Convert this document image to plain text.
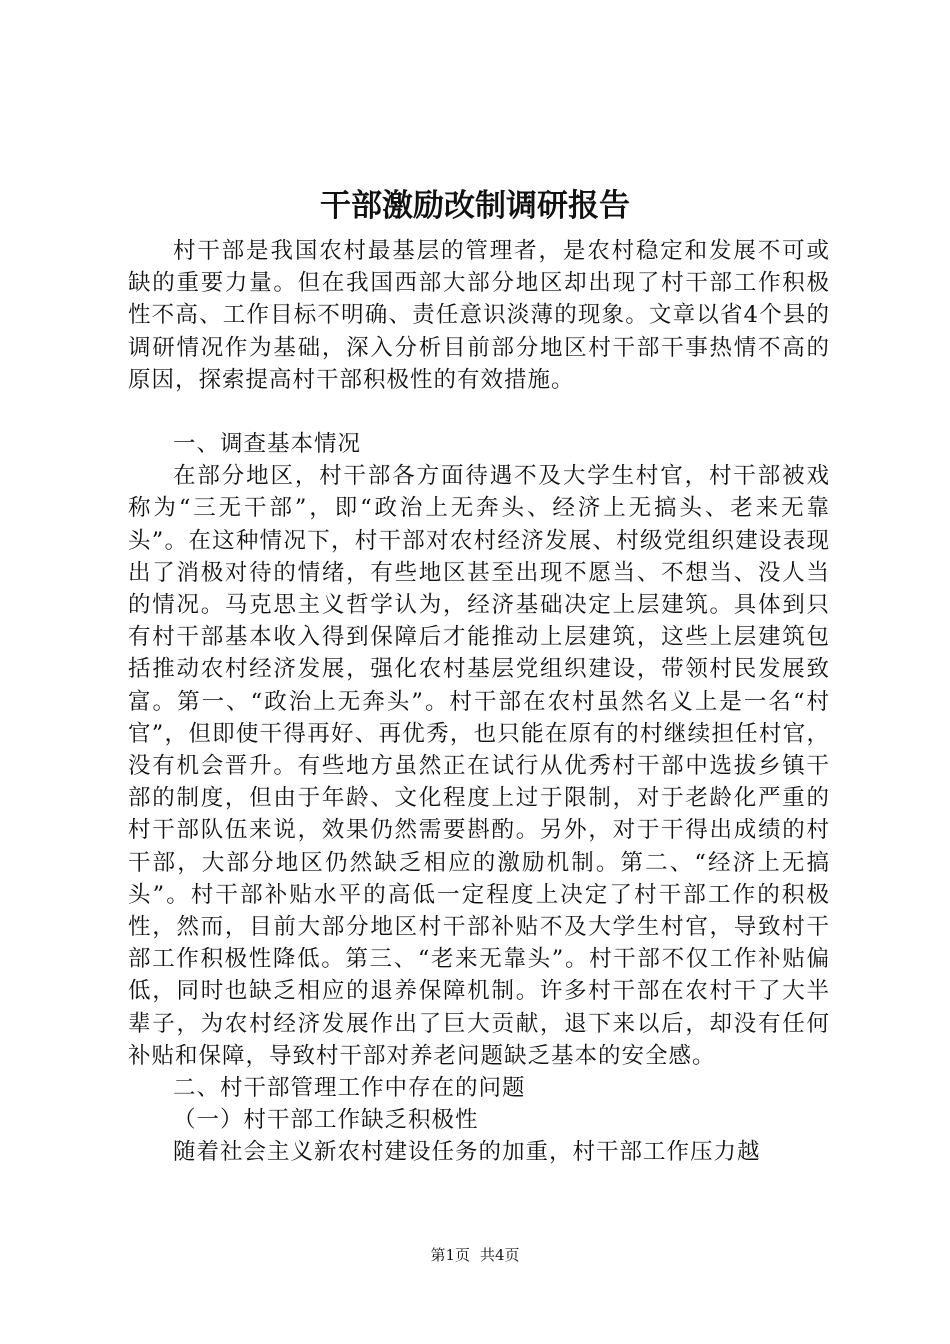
干部激励改制调研报告

村干部是我国农村最基层的管理者，是农村稳定和发展不可或缺的重要力量。但在我国西部大部分地区却出现了村干部工作积极性不高、工作目标不明确、责任意识淡薄的现象。文章以省4个县的调研情况作为基础，深入分析目前部分地区村干部干事热情不高的原因，探索提高村干部积极性的有效措施。

一、调查基本情况

在部分地区，村干部各方面待遇不及大学生村官，村干部被戏称为“三无干部”，即“政治上无奔头、经济上无搞头、老来无靠头”。在这种情况下，村干部对农村经济发展、村级党组织建设表现出了消极对待的情绪，有些地区甚至出现不愿当、不想当、没人当的情况。马克思主义哲学认为，经济基础决定上层建筑。具体到只有村干部基本收入得到保障后才能推动上层建筑，这些上层建筑包括推动农村经济发展，强化农村基层党组织建设，带领村民发展致富。第一、“政治上无奔头”。村干部在农村虽然名义上是一名“村官”，但即使干得再好、再优秀，也只能在原有的村继续担任村官，没有机会晋升。有些地方虽然正在试行从优秀村干部中选拔乡镇干部的制度，但由于年龄、文化程度上过于限制，对于老龄化严重的村干部队伍来说，效果仍然需要斟酌。另外，对于干得出成绩的村干部，大部分地区仍然缺乏相应的激励机制。第二、“经济上无搞头”。村干部补贴水平的高低一定程度上决定了村干部工作的积极性，然而，目前大部分地区村干部补贴不及大学生村官，导致村干部工作积极性降低。第三、“老来无靠头”。村干部不仅工作补贴偏低，同时也缺乏相应的退养保障机制。许多村干部在农村干了大半辈子，为农村经济发展作出了巨大贡献，退下来以后，却没有任何补贴和保障，导致村干部对养老问题缺乏基本的安全感。

二、村干部管理工作中存在的问题

（一）村干部工作缺乏积极性

随着社会主义新农村建设任务的加重，村干部工作压力越

第1页 共4页
